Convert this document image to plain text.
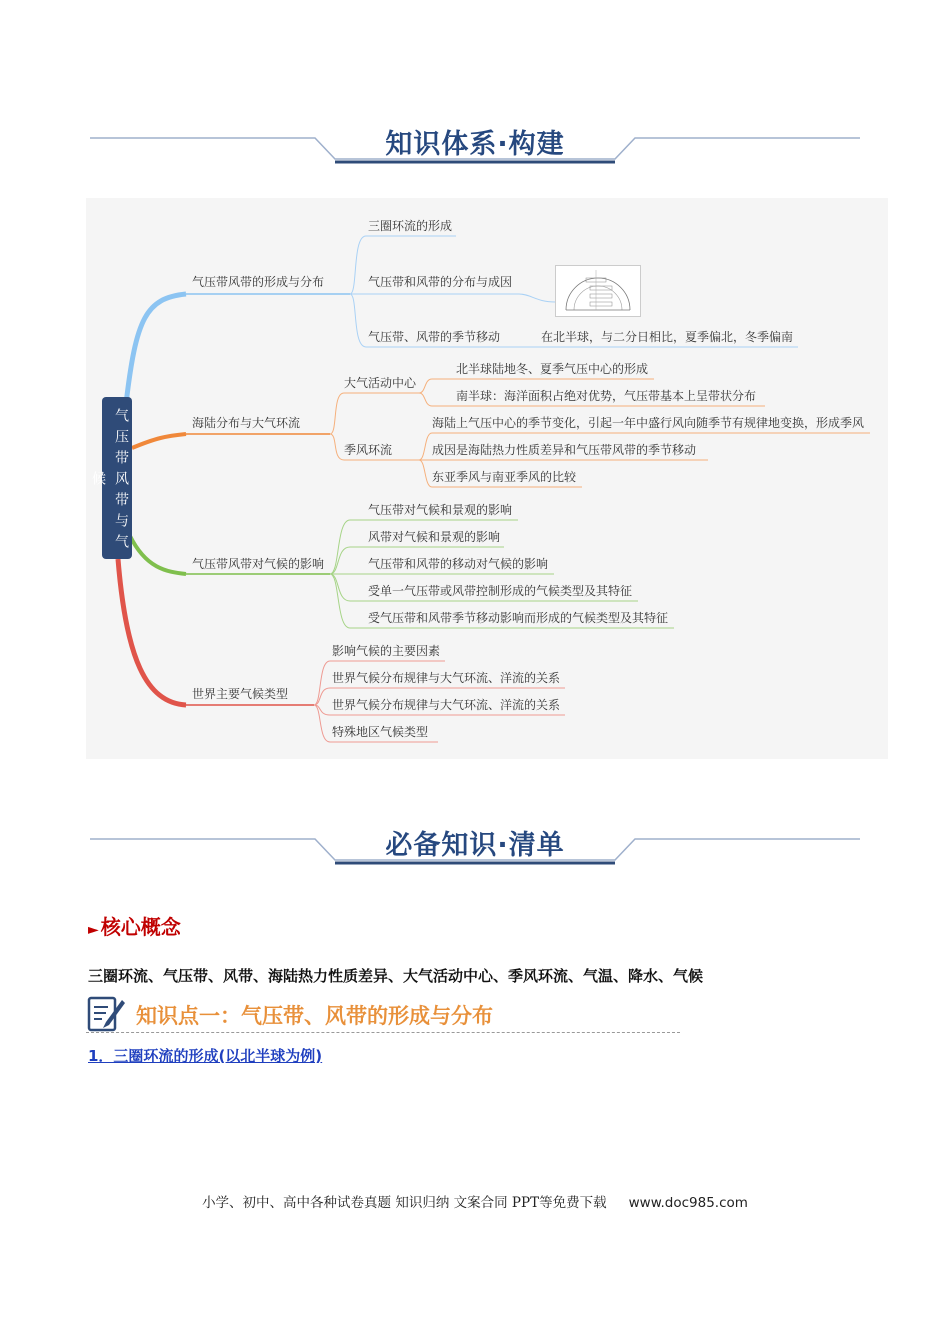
知识体系·构建
气压带风带与气候
气压带风带的形成与分布
三圈环流的形成
气压带和风带的分布与成因
气压带、风带的季节移动	在北半球，与二分日相比，夏季偏北，冬季偏南
海陆分布与大气环流
大气活动中心
北半球陆地冬、夏季气压中心的形成
南半球：海洋面积占绝对优势，气压带基本上呈带状分布
季风环流
海陆上气压中心的季节变化，引起一年中盛行风向随季节有规律地变换，形成季风
成因是海陆热力性质差异和气压带风带的季节移动
东亚季风与南亚季风的比较
气压带风带对气候的影响
气压带对气候和景观的影响
风带对气候和景观的影响
气压带和风带的移动对气候的影响
受单一气压带或风带控制形成的气候类型及其特征
受气压带和风带季节移动影响而形成的气候类型及其特征
世界主要气候类型
影响气候的主要因素
世界气候分布规律与大气环流、洋流的关系
世界气候分布规律与大气环流、洋流的关系
特殊地区气候类型
必备知识·清单
► 核心概念
三圈环流、气压带、风带、海陆热力性质差异、大气活动中心、季风环流、气温、降水、气候
知识点一：气压带、风带的形成与分布
1．三圈环流的形成(以北半球为例)
小学、初中、高中各种试卷真题 知识归纳 文案合同 PPT等免费下载 www.doc985.com
